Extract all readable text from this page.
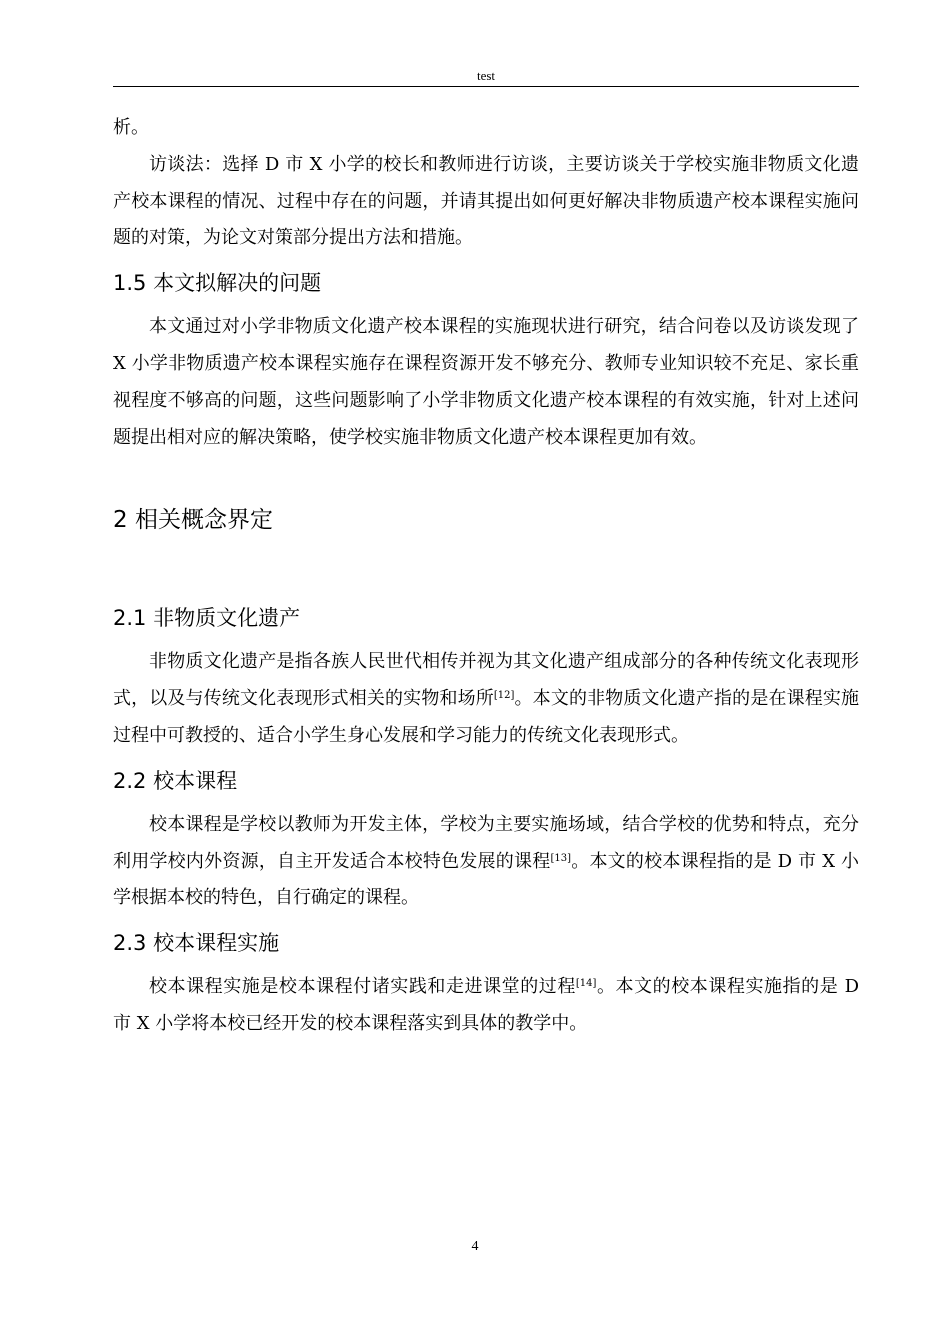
test

析。

访谈法：选择 D 市 X 小学的校长和教师进行访谈，主要访谈关于学校实施非物质文化遗产校本课程的情况、过程中存在的问题，并请其提出如何更好解决非物质遗产校本课程实施问题的对策，为论文对策部分提出方法和措施。

1.5 本文拟解决的问题

本文通过对小学非物质文化遗产校本课程的实施现状进行研究，结合问卷以及访谈发现了 X 小学非物质遗产校本课程实施存在课程资源开发不够充分、教师专业知识较不充足、家长重视程度不够高的问题，这些问题影响了小学非物质文化遗产校本课程的有效实施，针对上述问题提出相对应的解决策略，使学校实施非物质文化遗产校本课程更加有效。

2 相关概念界定
2.1 非物质文化遗产

非物质文化遗产是指各族人民世代相传并视为其文化遗产组成部分的各种传统文化表现形式，以及与传统文化表现形式相关的实物和场所[12]。本文的非物质文化遗产指的是在课程实施过程中可教授的、适合小学生身心发展和学习能力的传统文化表现形式。

2.2 校本课程

校本课程是学校以教师为开发主体，学校为主要实施场域，结合学校的优势和特点，充分利用学校内外资源，自主开发适合本校特色发展的课程[13]。本文的校本课程指的是 D 市 X 小学根据本校的特色，自行确定的课程。

2.3 校本课程实施

校本课程实施是校本课程付诸实践和走进课堂的过程[14]。本文的校本课程实施指的是 D 市 X 小学将本校已经开发的校本课程落实到具体的教学中。

4
